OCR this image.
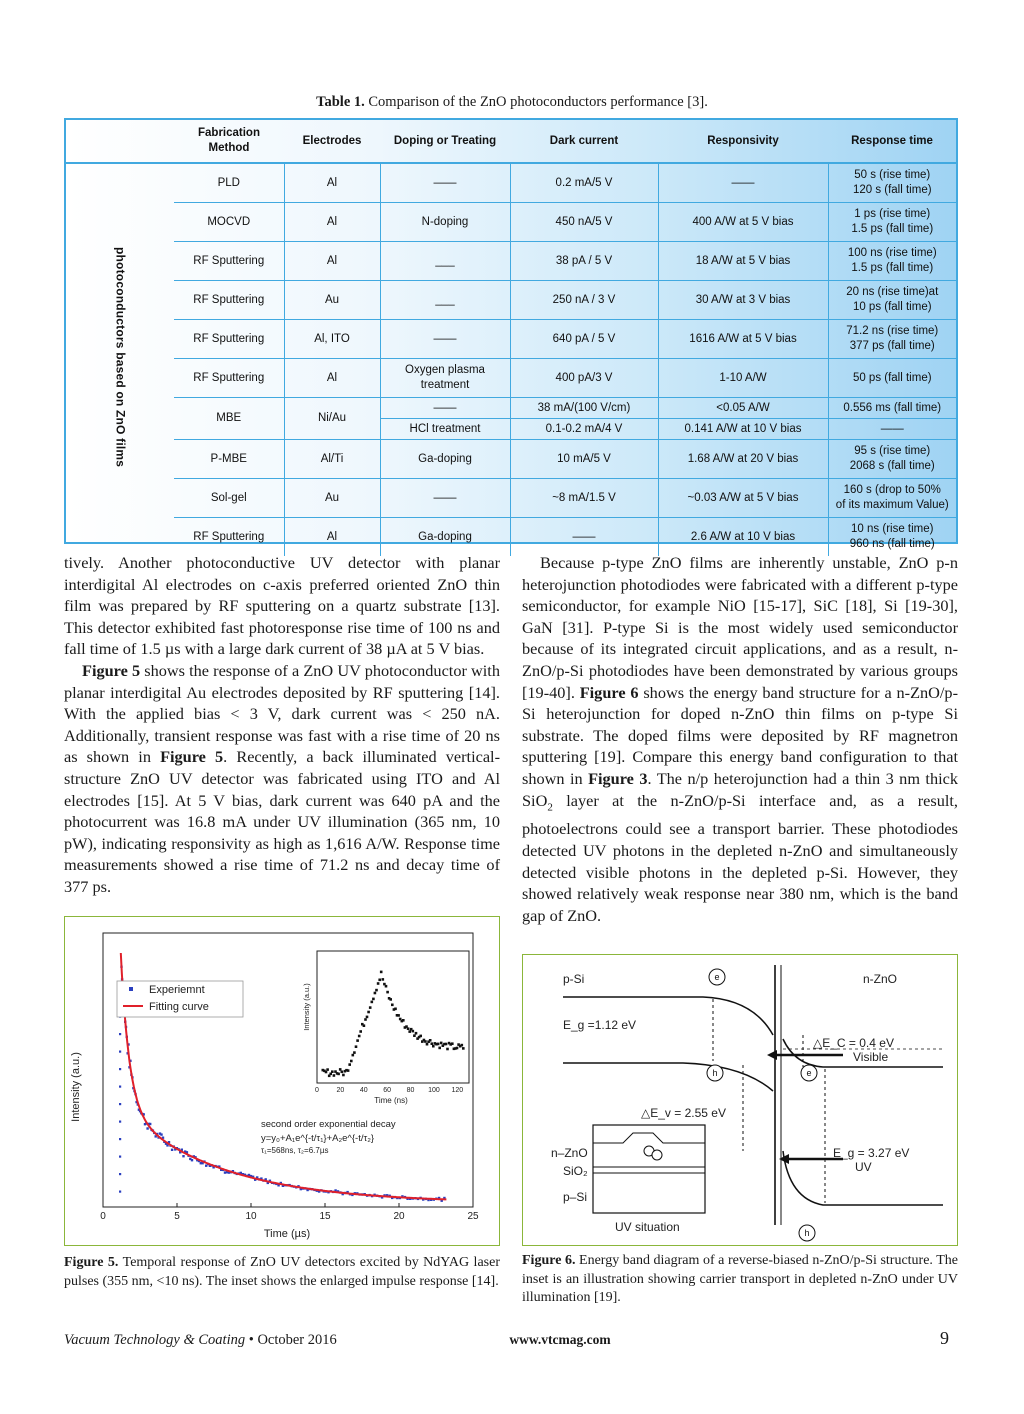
Table 1. Comparison of the ZnO photoconductors performance [3].
	Fabrication Method	Electrodes	Doping or Treating	Dark current	Responsivity	Response time
photoconductors based on ZnO films	PLD	Al	——	0.2 mA/5 V	——	50 s (rise time)
120 s (fall time)
	MOCVD	Al	N-doping	450 nA/5 V	400 A/W at 5 V bias	1 ps (rise time)
1.5 ps (fall time)
	RF Sputtering	Al	___	38 pA / 5 V	18 A/W at 5 V bias	100 ns (rise time)
1.5 ps (fall time)
	RF Sputtering	Au	___	250 nA / 3 V	30 A/W at 3 V bias	20 ns (rise time)at
10 ps (fall time)
	RF Sputtering	Al, ITO	——	640 pA / 5 V	1616 A/W at 5 V bias	71.2 ns (rise time)
377 ps (fall time)
	RF Sputtering	Al	Oxygen plasma
treatment	400 pA/3 V	1-10 A/W	50 ps (fall time)
	MBE	Ni/Au	——	38 mA/(100 V/cm)	<0.05 A/W	0.556 ms (fall time)
			HCl treatment	0.1-0.2 mA/4 V	0.141 A/W at 10 V bias	——
	P-MBE	Al/Ti	Ga-doping	10 mA/5 V	1.68 A/W at 20 V bias	95 s (rise time)
2068 s (fall time)
	Sol-gel	Au	——	~8 mA/1.5 V	~0.03 A/W at 5 V bias	160 s (drop to 50%
of its maximum Value)
	RF Sputtering	Al	Ga-doping	——	2.6 A/W at 10 V bias	10 ns (rise time)
960 ns (fall time)

tively. Another photoconductive UV detector with planar interdigital Al electrodes on c-axis preferred oriented ZnO thin film was prepared by RF sputtering on a quartz substrate [13]. This detector exhibited fast photoresponse rise time of 100 ns and fall time of 1.5 µs with a large dark current of 38 µA at 5 V bias.

Figure 5 shows the response of a ZnO UV photoconductor with planar interdigital Au electrodes deposited by RF sputtering [14]. With the applied bias < 3 V, dark current was < 250 nA. Additionally, transient response was fast with a rise time of 20 ns as shown in Figure 5. Recently, a back illuminated vertical-structure ZnO UV detector was fabricated using ITO and Al electrodes [15]. At 5 V bias, dark current was 640 pA and the photocurrent was 16.8 mA under UV illumination (365 nm, 10 pW), indicating responsivity as high as 1,616 A/W. Response time measurements showed a rise time of 71.2 ns and decay time of 377 ps.

Because p-type ZnO films are inherently unstable, ZnO p-n heterojunction photodiodes were fabricated with a different p-type semiconductor, for example NiO [15-17], SiC [18], Si [19-30], GaN [31]. P-type Si is the most widely used semiconductor because of its integrated circuit applications, and as a result, n-ZnO/p-Si photodiodes have been demonstrated by various groups [19-40]. Figure 6 shows the energy band structure for a n-ZnO/p-Si heterojunction for doped n-ZnO thin films on p-type Si substrate. The doped films were deposited by RF magnetron sputtering [19]. Compare this energy band configuration to that shown in Figure 3. The n/p heterojunction had a thin 3 nm thick SiO$_2$ layer at the n-ZnO/p-Si interface and, as a result, photoelectrons could see a transport barrier. These photodiodes detected UV photons in the depleted n-ZnO and simultaneously detected visible photons in the depleted p-Si. However, they showed relatively weak response near 380 nm, which is the band gap of ZnO.

0	5	10	15	20	25
Intensity (a.u.)
Time (µs)
Experiemnt
Fitting curve
second order exponential decay
y=y₀+A₁e^{-t/τ₁}+A₂e^{-t/τ₂}
τ₁=568ns, τ₂=6.7µs
0	20 40 60 80 100 120
Intensity (a.u.)
Time (ns)
Figure 5. Temporal response of ZnO UV detectors excited by NdYAG laser pulses (355 nm, <10 ns). The inset shows the enlarged impulse response [14].
p-Si	n-ZnO
E_g =1.12 eV
△E_C = 0.4 eV
Visible
△E_v = 2.55 eV
E_g = 3.27 eV
UV
n–ZnO
SiO₂
p–Si
UV situation
e
h	e
h
Figure 6. Energy band diagram of a reverse-biased n-ZnO/p-Si structure. The inset is an illustration showing carrier transport in depleted n-ZnO under UV illumination [19].
Vacuum Technology & Coating • October 2016	www.vtcmag.com	9
